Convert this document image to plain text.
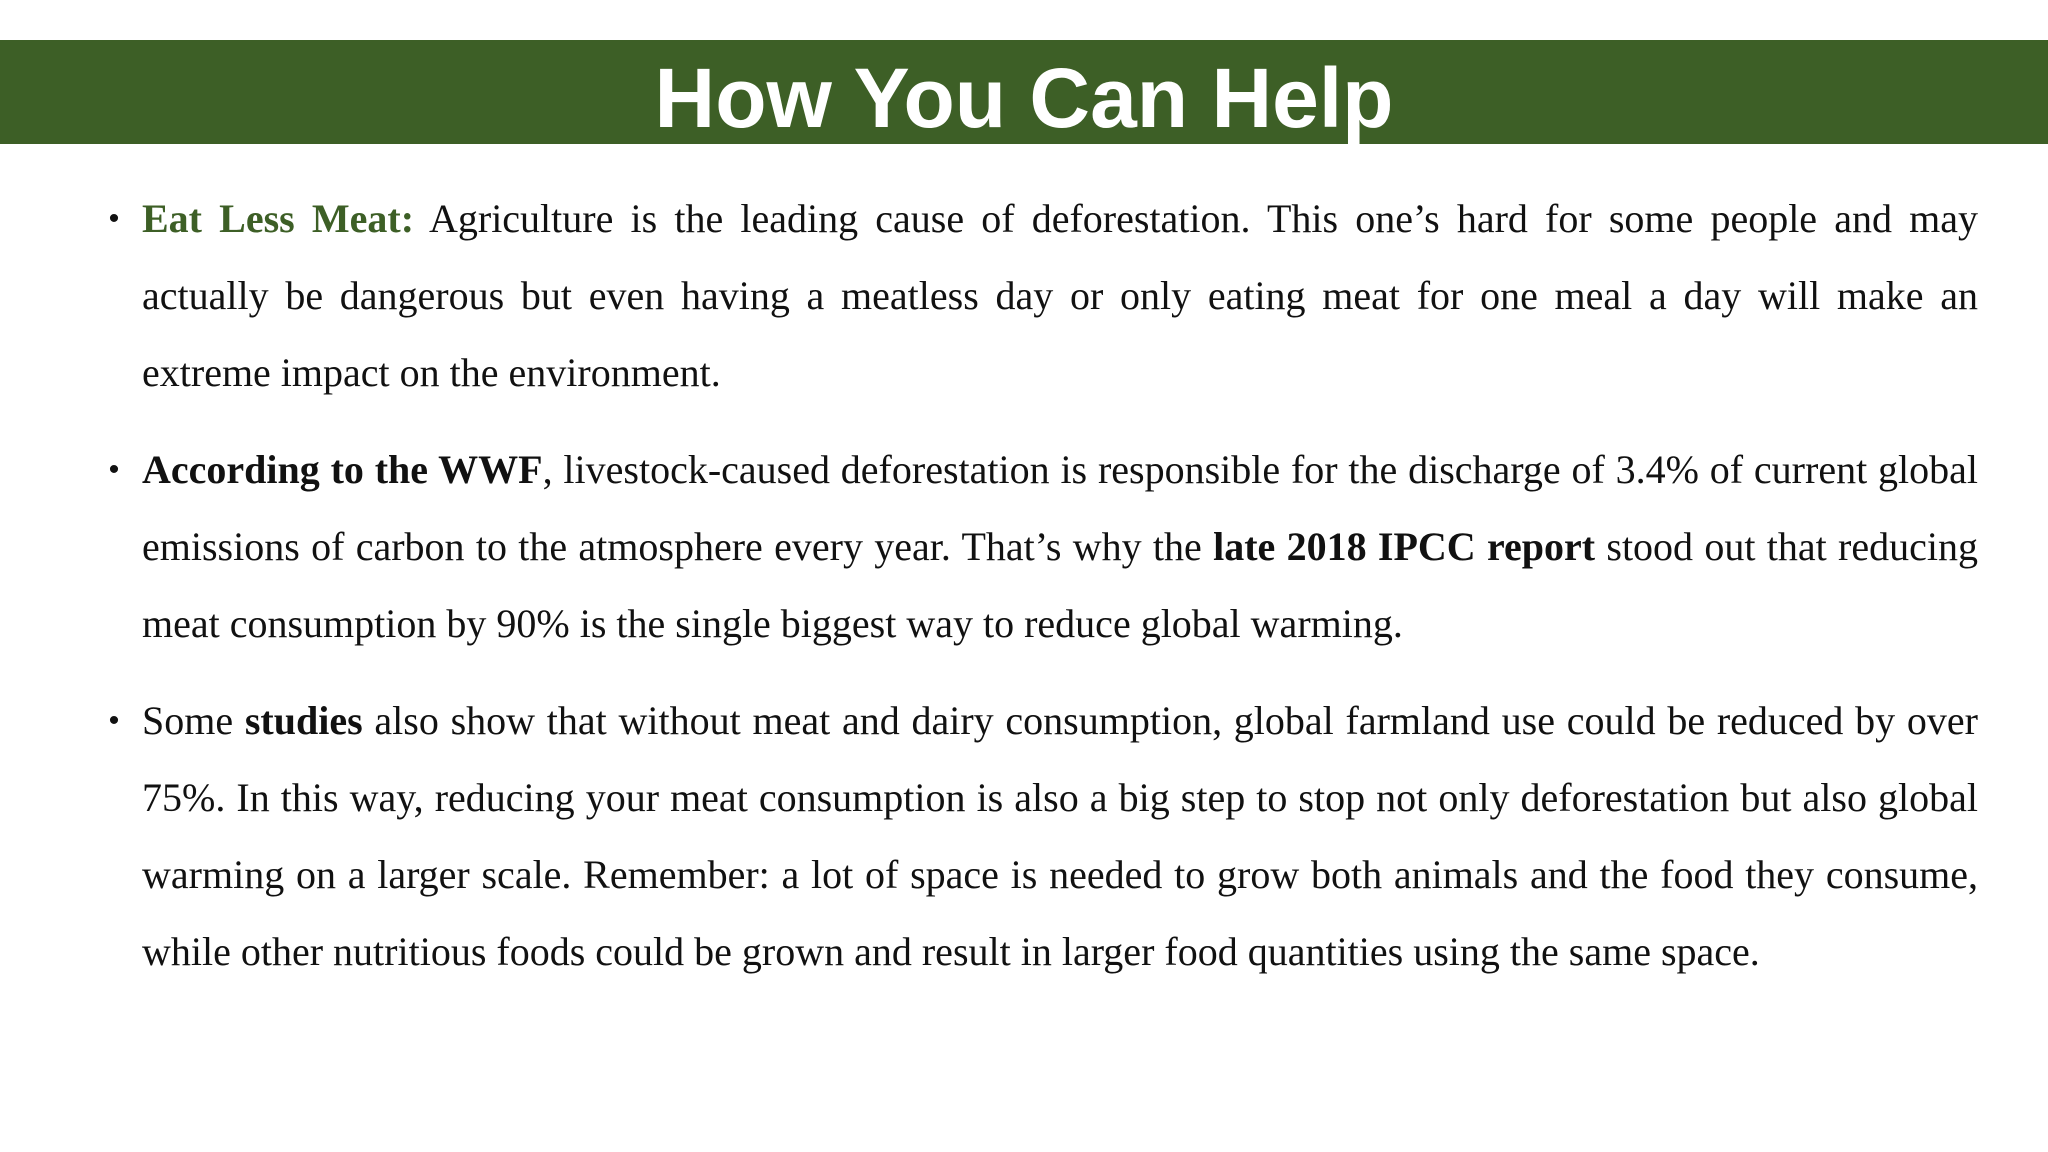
How You Can Help
• Eat Less Meat: Agriculture is the leading cause of deforestation. This one’s hard for some people and may actually be dangerous but even having a meatless day or only eating meat for one meal a day will make an extreme impact on the environment.
• According to the WWF, livestock-caused deforestation is responsible for the discharge of 3.4% of current global emissions of carbon to the atmosphere every year. That’s why the late 2018 IPCC report stood out that reducing meat consumption by 90% is the single biggest way to reduce global warming.
• Some studies also show that without meat and dairy consumption, global farmland use could be reduced by over 75%. In this way, reducing your meat consumption is also a big step to stop not only deforestation but also global warming on a larger scale. Remember: a lot of space is needed to grow both animals and the food they consume, while other nutritious foods could be grown and result in larger food quantities using the same space.
